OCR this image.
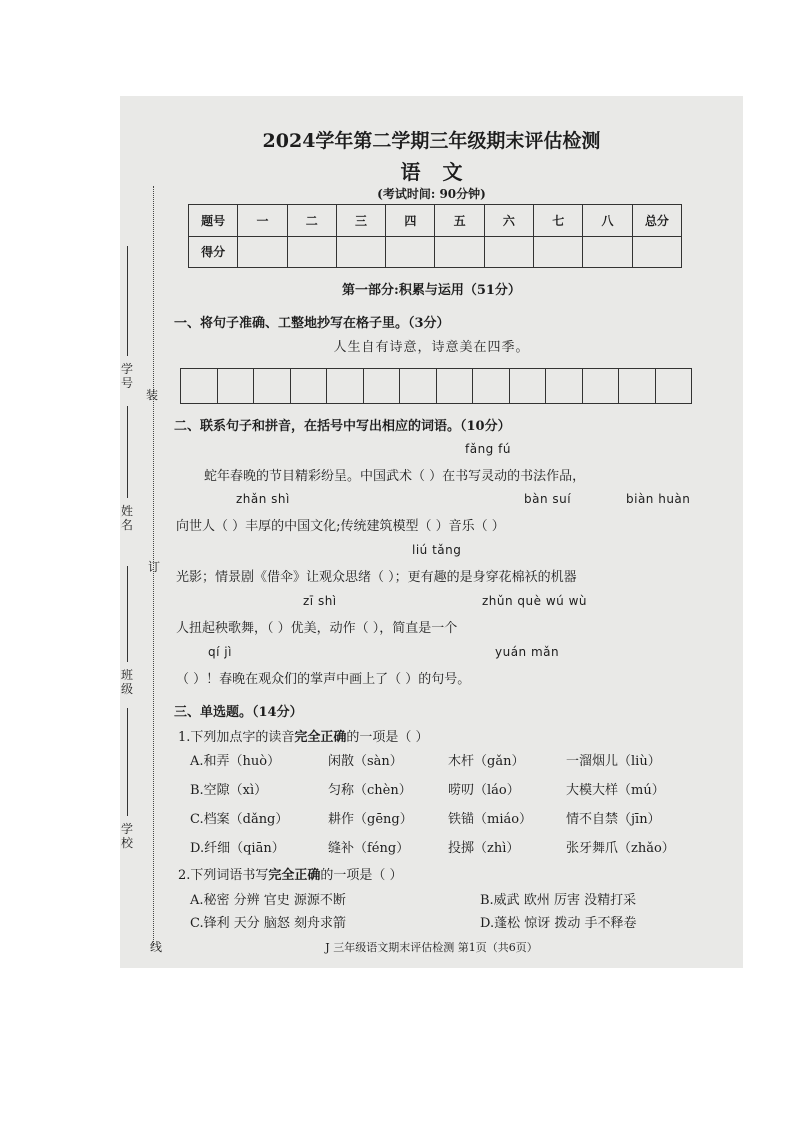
2024学年第二学期三年级期末评估检测
语文
(考试时间: 90分钟)
题号	一	二	三	四	五	六	七	八	总分
得分									
第一部分:积累与运用（51分）
一、将句子准确、工整地抄写在格子里。（3分）
人生自有诗意，诗意美在四季。
二、联系句子和拼音，在括号中写出相应的词语。（10分）
fǎng fú
蛇年春晚的节目精彩纷呈。中国武术（ ）在书写灵动的书法作品，
zhǎn shì	bàn suí	biàn huàn
向世人（ ）丰厚的中国文化;传统建筑模型（ ）音乐（ ）
liú tǎng
光影；情景剧《借伞》让观众思绪（ ）；更有趣的是身穿花棉袄的机器
zī shì	zhǔn què wú wù
人扭起秧歌舞，（ ）优美，动作（ ），简直是一个
qí jì	yuán mǎn
（ ）！春晚在观众们的掌声中画上了（ ）的句号。
三、单选题。（14分）
1.下列加点字的读音完全正确的一项是（ ）
A.和弄（huò）	闲散（sàn）	木杆（gǎn）	一溜烟儿（liù）
B.空隙（xì）	匀称（chèn）	唠叨（láo）	大模大样（mú）
C.档案（dǎng）	耕作（gēng）	铁锚（miáo）	情不自禁（jīn）
D.纤细（qiān）	缝补（féng）	投掷（zhì）	张牙舞爪（zhǎo）
2.下列词语书写完全正确的一项是（ ）
A.秘密 分辨 官史 源源不断	B.威武 欧州 厉害 没精打采
C.锋利 天分 脑怒 刻舟求箭	D.蓬松 惊讶 拨动 手不释卷
装
订
线
学号
姓名
班级
学校
J 三年级语文期末评估检测 第1页（共6页）
